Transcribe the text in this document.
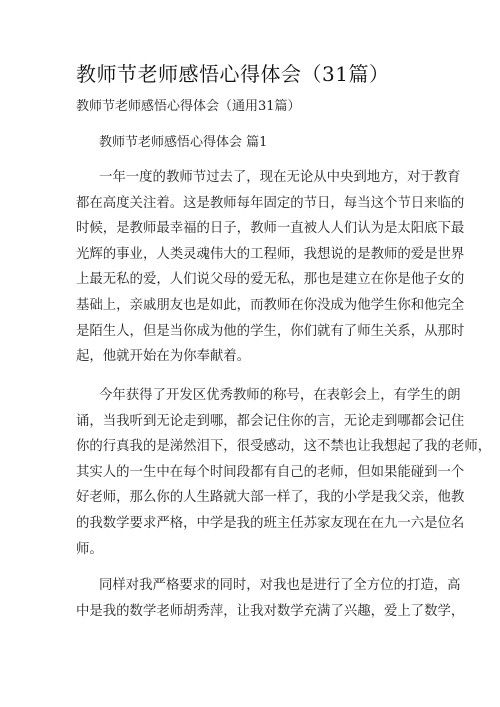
教师节老师感悟心得体会（31篇）
教师节老师感悟心得体会（通用31篇）
教师节老师感悟心得体会 篇1
一年一度的教师节过去了，现在无论从中央到地方，对于教育
都在高度关注着。这是教师每年固定的节日，每当这个节日来临的
时候，是教师最幸福的日子，教师一直被人人们认为是太阳底下最
光辉的事业，人类灵魂伟大的工程师，我想说的是教师的爱是世界
上最无私的爱，人们说父母的爱无私，那也是建立在你是他子女的
基础上，亲戚朋友也是如此，而教师在你没成为他学生你和他完全
是陌生人，但是当你成为他的学生，你们就有了师生关系，从那时
起，他就开始在为你奉献着。
今年获得了开发区优秀教师的称号，在表彰会上，有学生的朗
诵，当我听到无论走到哪，都会记住你的言，无论走到哪都会记住
你的行真我的是涕然泪下，很受感动，这不禁也让我想起了我的老师，
其实人的一生中在每个时间段都有自己的老师，但如果能碰到一个
好老师，那么你的人生路就大部一样了，我的小学是我父亲，他教
的我数学要求严格，中学是我的班主任苏家友现在在九一六是位名
师。
同样对我严格要求的同时，对我也是进行了全方位的打造，高
中是我的数学老师胡秀萍，让我对数学充满了兴趣，爱上了数学，
